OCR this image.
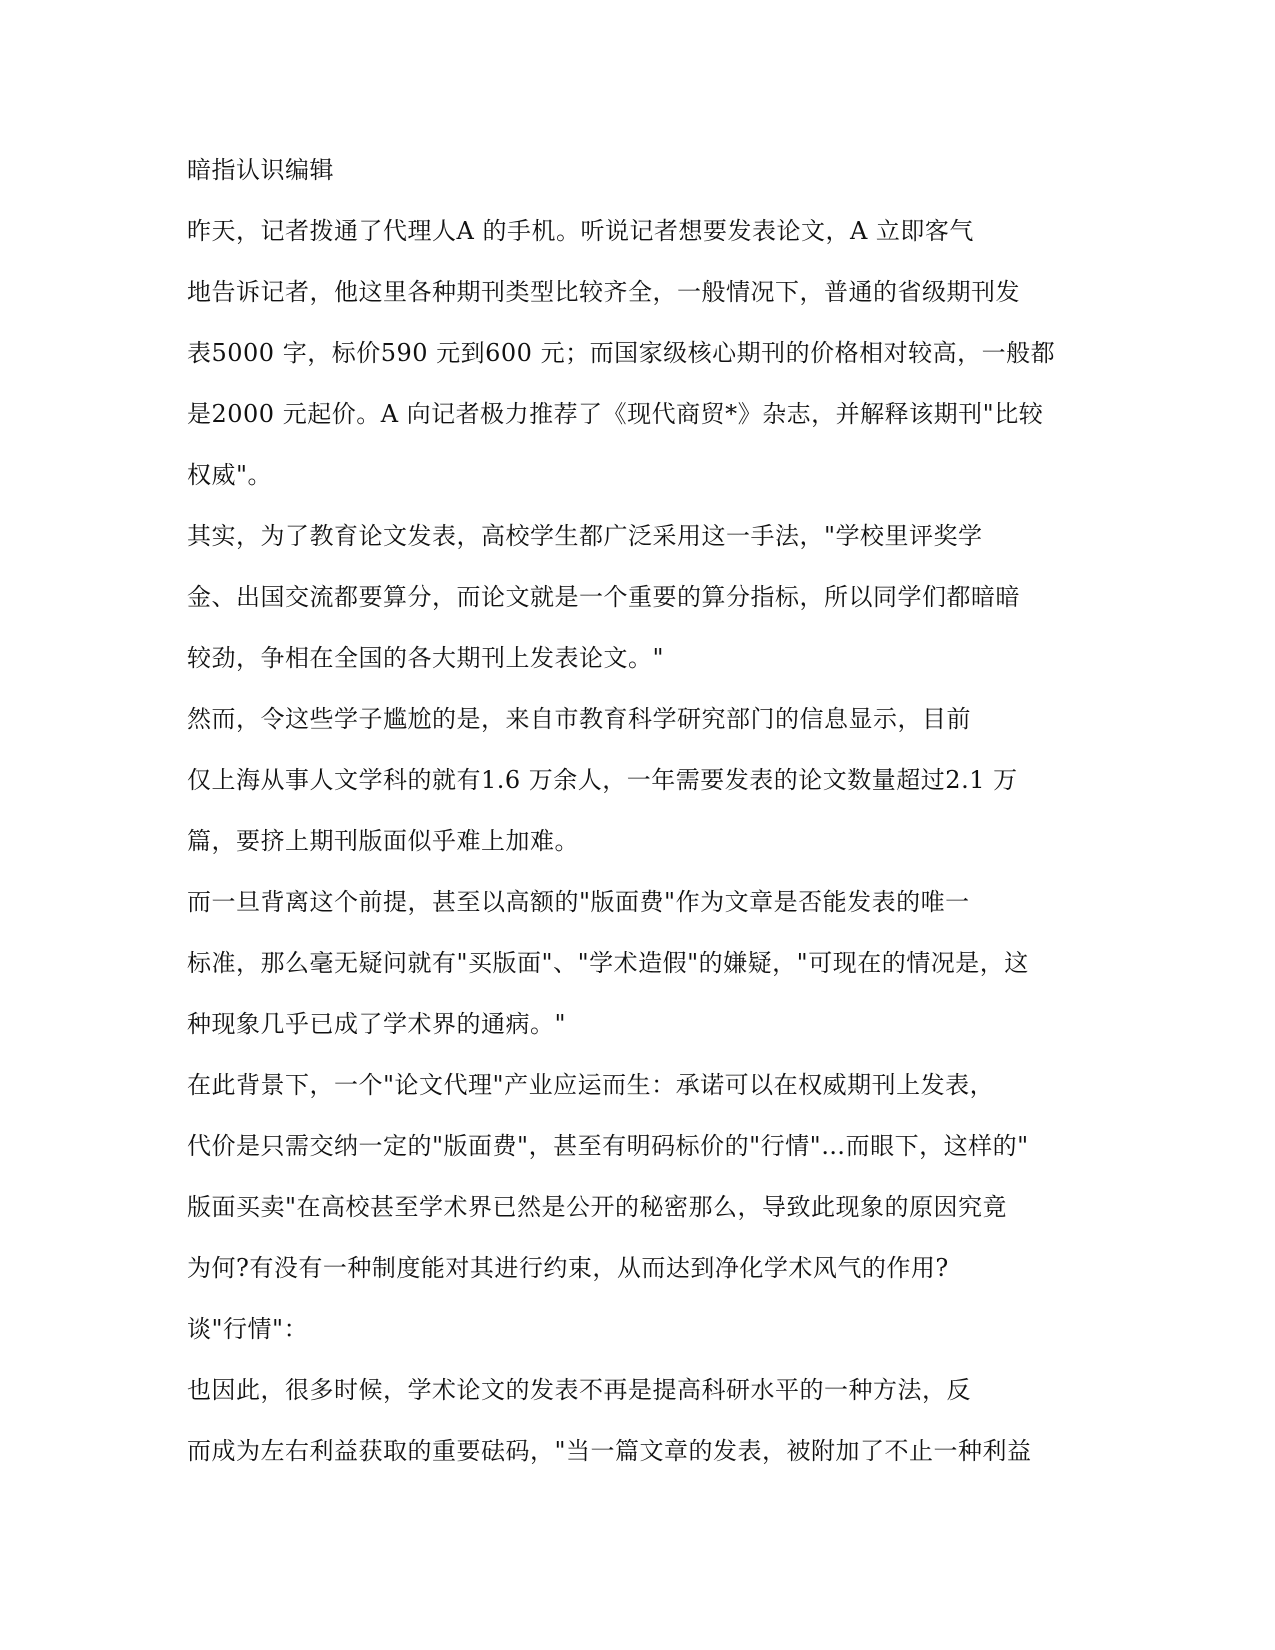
暗指认识编辑
昨天，记者拨通了代理人A 的手机。听说记者想要发表论文，A 立即客气
地告诉记者，他这里各种期刊类型比较齐全，一般情况下，普通的省级期刊发
表5000 字，标价590 元到600 元；而国家级核心期刊的价格相对较高，一般都
是2000 元起价。A 向记者极力推荐了《现代商贸*》杂志，并解释该期刊"比较
权威"。
其实，为了教育论文发表，高校学生都广泛采用这一手法，"学校里评奖学
金、出国交流都要算分，而论文就是一个重要的算分指标，所以同学们都暗暗
较劲，争相在全国的各大期刊上发表论文。"
然而，令这些学子尴尬的是，来自市教育科学研究部门的信息显示，目前
仅上海从事人文学科的就有1.6 万余人，一年需要发表的论文数量超过2.1 万
篇，要挤上期刊版面似乎难上加难。
而一旦背离这个前提，甚至以高额的"版面费"作为文章是否能发表的唯一
标准，那么毫无疑问就有"买版面"、"学术造假"的嫌疑，"可现在的情况是，这
种现象几乎已成了学术界的通病。"
在此背景下，一个"论文代理"产业应运而生：承诺可以在权威期刊上发表，
代价是只需交纳一定的"版面费"，甚至有明码标价的"行情"…而眼下，这样的"
版面买卖"在高校甚至学术界已然是公开的秘密那么，导致此现象的原因究竟
为何?有没有一种制度能对其进行约束，从而达到净化学术风气的作用?
谈"行情"：
也因此，很多时候，学术论文的发表不再是提高科研水平的一种方法，反
而成为左右利益获取的重要砝码，"当一篇文章的发表，被附加了不止一种利益
